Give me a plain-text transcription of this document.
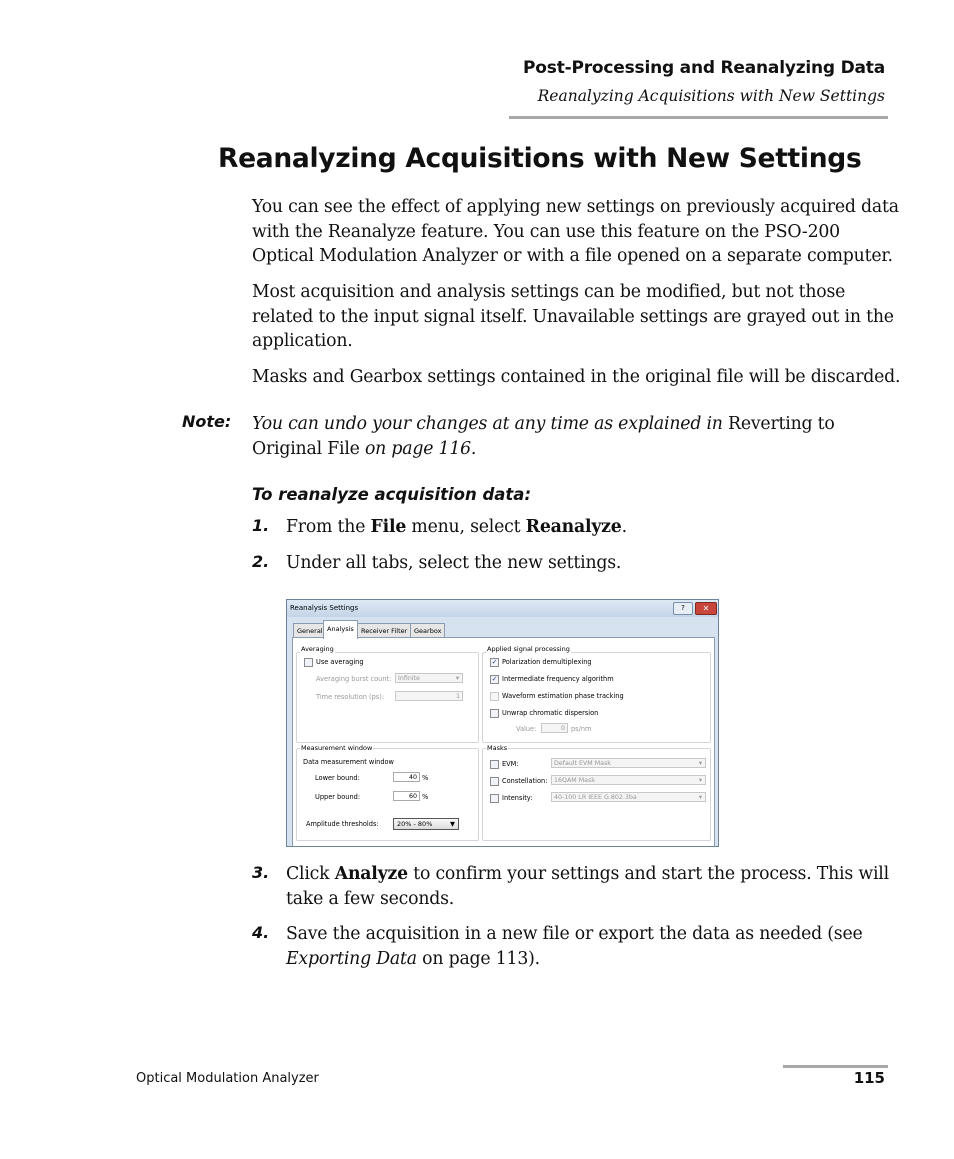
Post-Processing and Reanalyzing Data
Reanalyzing Acquisitions with New Settings
Reanalyzing Acquisitions with New Settings
You can see the effect of applying new settings on previously acquired data with the Reanalyze feature. You can use this feature on the PSO-200 Optical Modulation Analyzer or with a file opened on a separate computer.
Most acquisition and analysis settings can be modified, but not those related to the input signal itself. Unavailable settings are grayed out in the application.
Masks and Gearbox settings contained in the original file will be discarded.
Note: You can undo your changes at any time as explained in Reverting to Original File on page 116.
To reanalyze acquisition data:
1. From the File menu, select Reanalyze.
2. Under all tabs, select the new settings.
Reanalysis Settings	?	✕
General Analysis	Receiver Filter	Gearbox
Averaging
Use averaging
Averaging burst count:	Infinite ▾
Time resolution (ps):	1
Applied signal processing
✓ Polarization demultiplexing
✓ Intermediate frequency algorithm
Waveform estimation phase tracking
Unwrap chromatic dispersion
Value:	0 ps/nm
Measurement window
Data measurement window
Lower bound:	40 %
Upper bound:	60 %
Amplitude thresholds:	20% - 80%	▼
Masks
EVM:	Default EVM Mask ▾
Constellation:	16QAM Mask ▾
Intensity:	40-100 LR IEEE G.802.3ba ▾
3. Click Analyze to confirm your settings and start the process. This will take a few seconds.
4. Save the acquisition in a new file or export the data as needed (see Exporting Data on page 113).
Optical Modulation Analyzer	115
